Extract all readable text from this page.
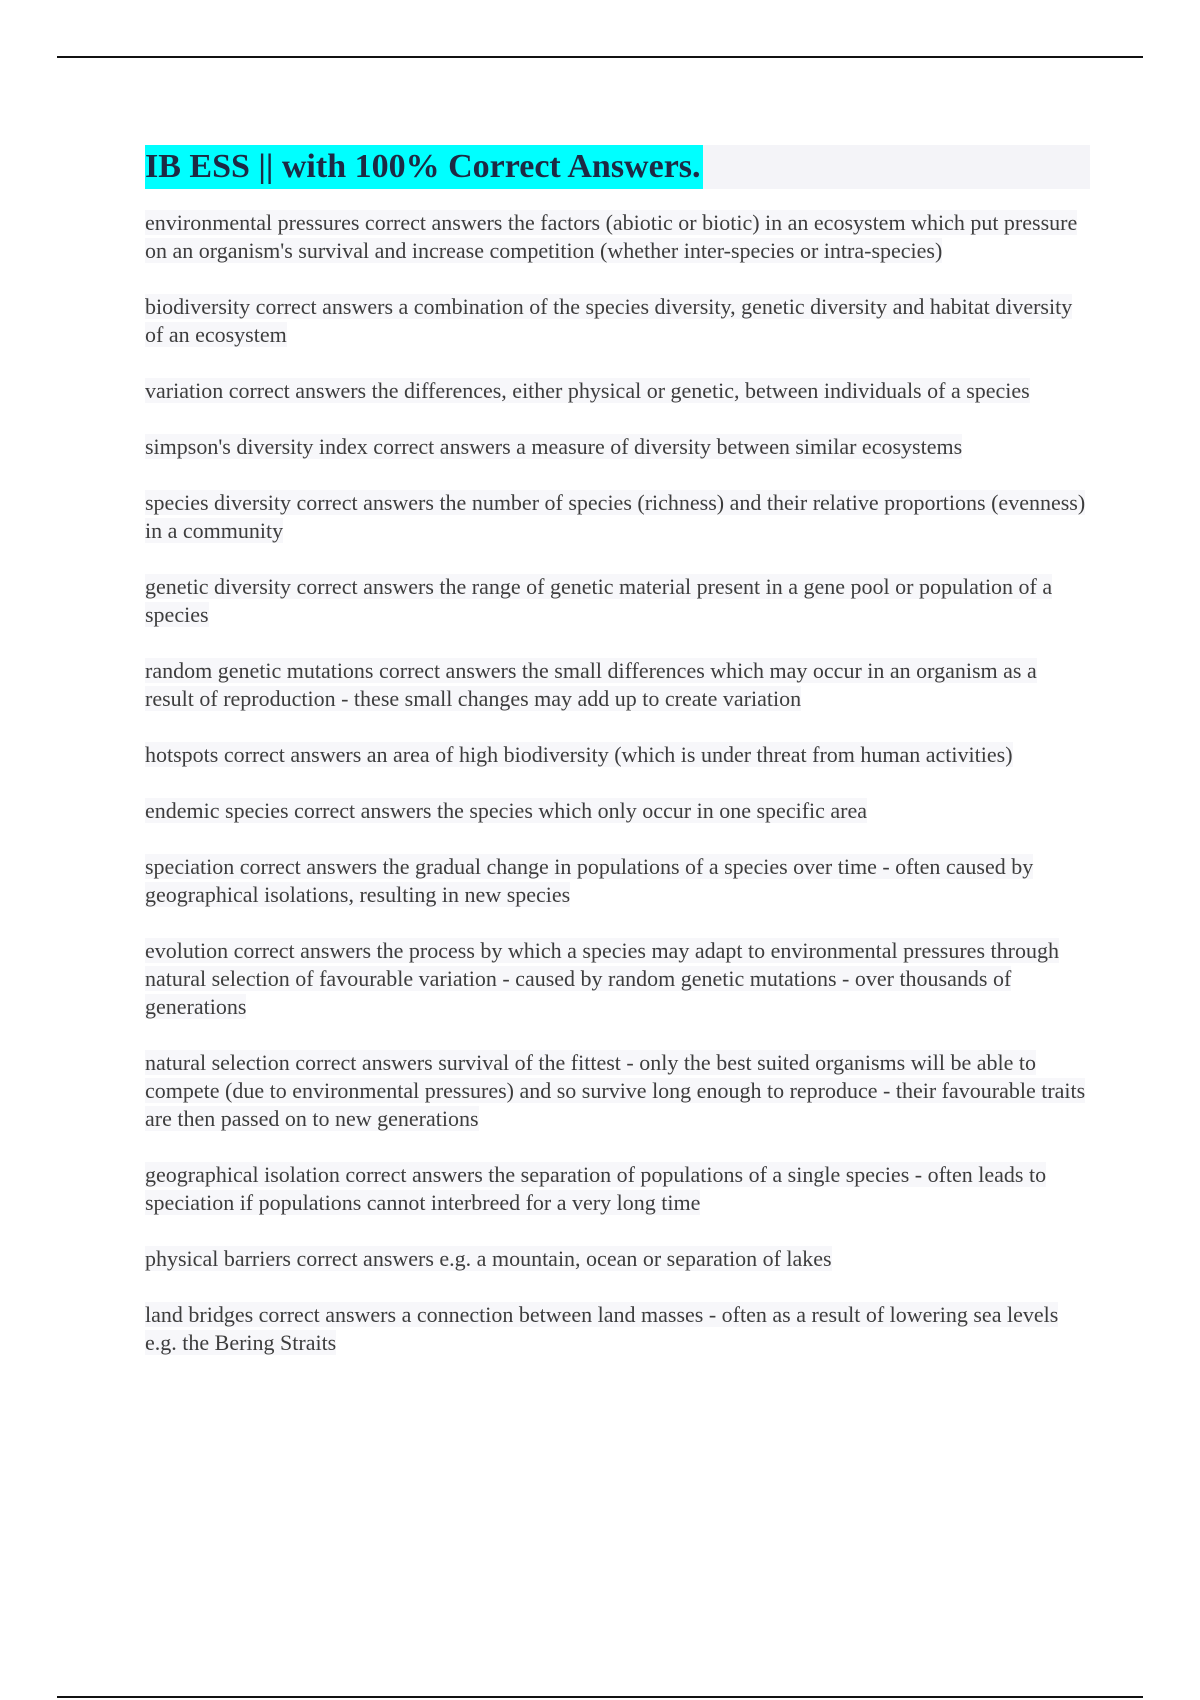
IB ESS || with 100% Correct Answers.

environmental pressures correct answers the factors (abiotic or biotic) in an ecosystem which put pressure on an organism's survival and increase competition (whether inter-species or intra-species)

biodiversity correct answers a combination of the species diversity, genetic diversity and habitat diversity of an ecosystem

variation correct answers the differences, either physical or genetic, between individuals of a species

simpson's diversity index correct answers a measure of diversity between similar ecosystems

species diversity correct answers the number of species (richness) and their relative proportions (evenness) in a community

genetic diversity correct answers the range of genetic material present in a gene pool or population of a species

random genetic mutations correct answers the small differences which may occur in an organism as a result of reproduction - these small changes may add up to create variation

hotspots correct answers an area of high biodiversity (which is under threat from human activities)

endemic species correct answers the species which only occur in one specific area

speciation correct answers the gradual change in populations of a species over time - often caused by geographical isolations, resulting in new species

evolution correct answers the process by which a species may adapt to environmental pressures through natural selection of favourable variation - caused by random genetic mutations - over thousands of generations

natural selection correct answers survival of the fittest - only the best suited organisms will be able to compete (due to environmental pressures) and so survive long enough to reproduce - their favourable traits are then passed on to new generations

geographical isolation correct answers the separation of populations of a single species - often leads to speciation if populations cannot interbreed for a very long time

physical barriers correct answers e.g. a mountain, ocean or separation of lakes

land bridges correct answers a connection between land masses - often as a result of lowering sea levels e.g. the Bering Straits
